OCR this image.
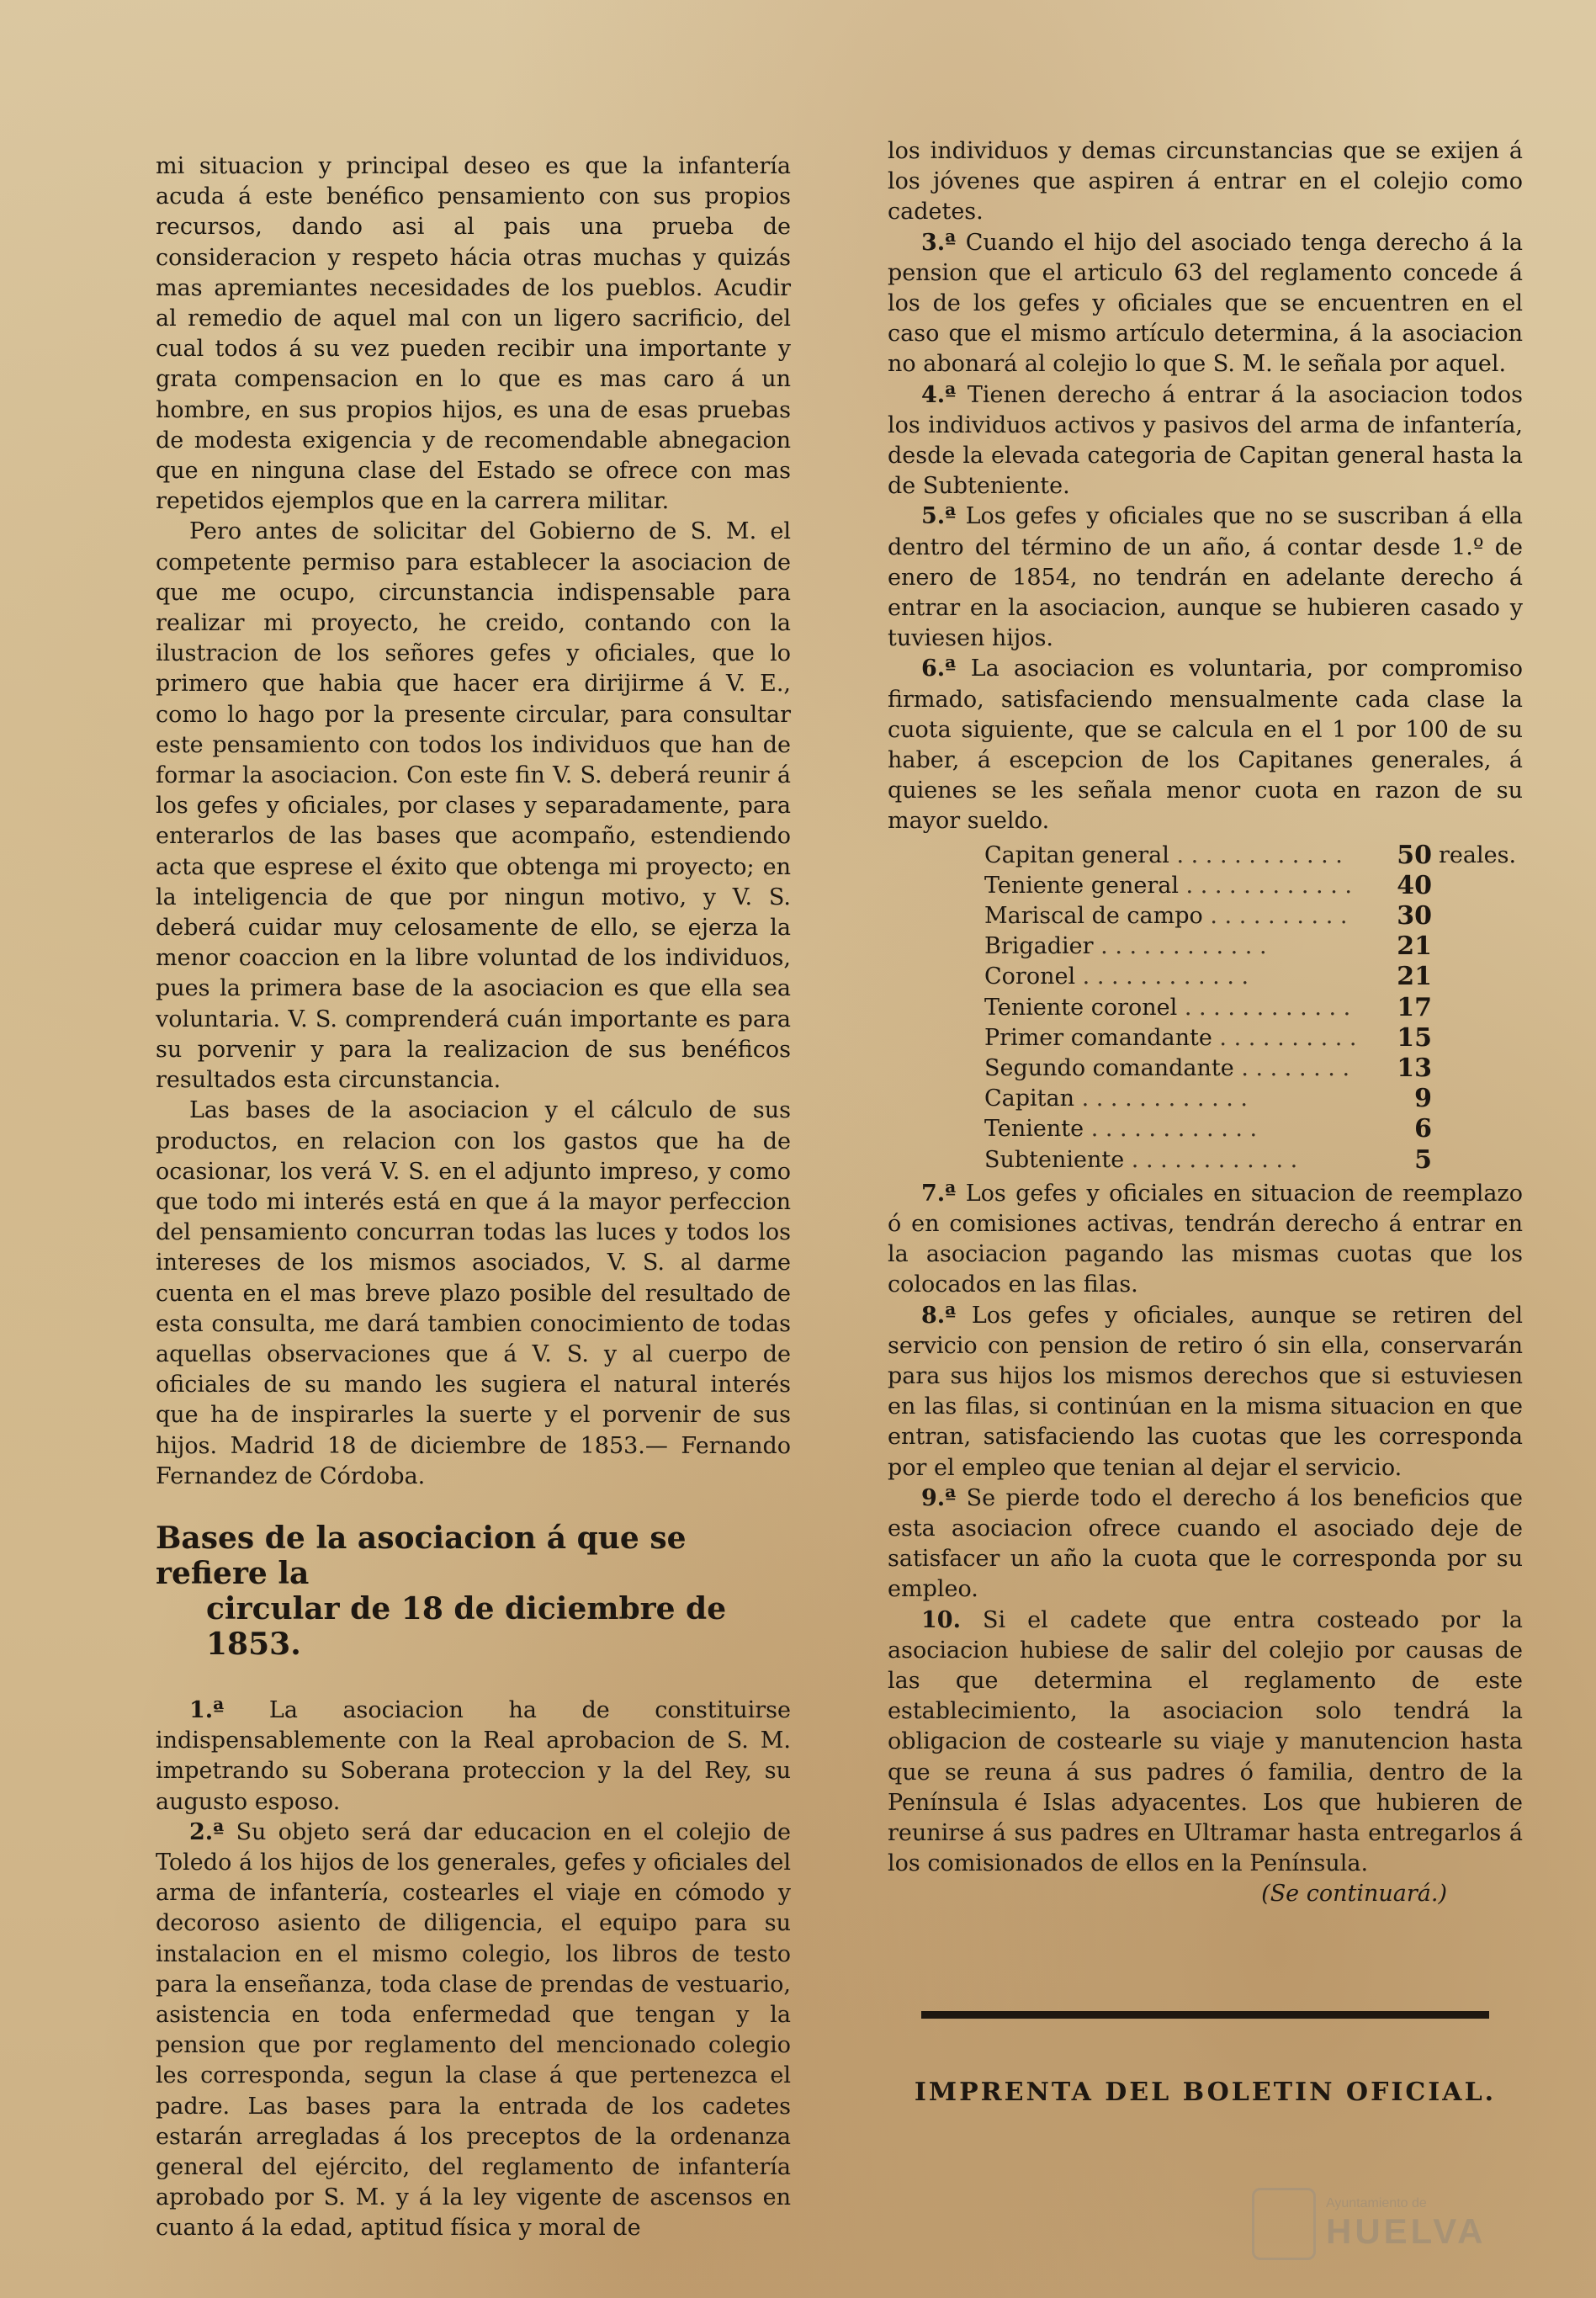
mi situacion y principal deseo es que la infantería acuda á este benéfico pensamiento con sus propios recursos, dando asi al pais una prueba de consideracion y respeto hácia otras muchas y quizás mas apremiantes necesidades de los pueblos. Acudir al remedio de aquel mal con un ligero sacrificio, del cual todos á su vez pueden recibir una importante y grata compensacion en lo que es mas caro á un hombre, en sus propios hijos, es una de esas pruebas de modesta exigencia y de recomendable abnegacion que en ninguna clase del Estado se ofrece con mas repetidos ejemplos que en la carrera militar.

Pero antes de solicitar del Gobierno de S. M. el competente permiso para establecer la asociacion de que me ocupo, circunstancia indispensable para realizar mi proyecto, he creido, contando con la ilustracion de los señores gefes y oficiales, que lo primero que habia que hacer era dirijirme á V. E., como lo hago por la presente circular, para consultar este pensamiento con todos los individuos que han de formar la asociacion. Con este fin V. S. deberá reunir á los gefes y oficiales, por clases y separadamente, para enterarlos de las bases que acompaño, estendiendo acta que esprese el éxito que obtenga mi proyecto; en la inteligencia de que por ningun motivo, y V. S. deberá cuidar muy celosamente de ello, se ejerza la menor coaccion en la libre voluntad de los individuos, pues la primera base de la asociacion es que ella sea voluntaria. V. S. comprenderá cuán importante es para su porvenir y para la realizacion de sus benéficos resultados esta circunstancia.

Las bases de la asociacion y el cálculo de sus productos, en relacion con los gastos que ha de ocasionar, los verá V. S. en el adjunto impreso, y como que todo mi interés está en que á la mayor perfeccion del pensamiento concurran todas las luces y todos los intereses de los mismos asociados, V. S. al darme cuenta en el mas breve plazo posible del resultado de esta consulta, me dará tambien conocimiento de todas aquellas observaciones que á V. S. y al cuerpo de oficiales de su mando les sugiera el natural interés que ha de inspirarles la suerte y el porvenir de sus hijos. Madrid 18 de diciembre de 1853.— Fernando Fernandez de Córdoba.

Bases de la asociacion á que se refiere la
circular de 18 de diciembre de 1853.

1.ª La asociacion ha de constituirse indispensablemente con la Real aprobacion de S. M. impetrando su Soberana proteccion y la del Rey, su augusto esposo.

2.ª Su objeto será dar educacion en el colejio de Toledo á los hijos de los generales, gefes y oficiales del arma de infantería, costearles el viaje en cómodo y decoroso asiento de diligencia, el equipo para su instalacion en el mismo colegio, los libros de testo para la enseñanza, toda clase de prendas de vestuario, asistencia en toda enfermedad que tengan y la pension que por reglamento del mencionado colegio les corresponda, segun la clase á que pertenezca el padre. Las bases para la entrada de los cadetes estarán arregladas á los preceptos de la ordenanza general del ejército, del reglamento de infantería aprobado por S. M. y á la ley vigente de ascensos en cuanto á la edad, aptitud física y moral de

los individuos y demas circunstancias que se exijen á los jóvenes que aspiren á entrar en el colejio como cadetes.

3.ª Cuando el hijo del asociado tenga derecho á la pension que el articulo 63 del reglamento concede á los de los gefes y oficiales que se encuentren en el caso que el mismo artículo determina, á la asociacion no abonará al colejio lo que S. M. le señala por aquel.

4.ª Tienen derecho á entrar á la asociacion todos los individuos activos y pasivos del arma de infantería, desde la elevada categoria de Capitan general hasta la de Subteniente.

5.ª Los gefes y oficiales que no se suscriban á ella dentro del término de un año, á contar desde 1.º de enero de 1854, no tendrán en adelante derecho á entrar en la asociacion, aunque se hubieren casado y tuviesen hijos.

6.ª La asociacion es voluntaria, por compromiso firmado, satisfaciendo mensualmente cada clase la cuota siguiente, que se calcula en el 1 por 100 de su haber, á escepcion de los Capitanes generales, á quienes se les señala menor cuota en razon de su mayor sueldo.

Capitan general . .	50 reales.
Teniente general . .	40
Mariscal de campo . .	30
Brigadier . .	21
Coronel . .	21
Teniente coronel . .	17
Primer comandante . .	15
Segundo comandante . .	13
Capitan . .	9
Teniente . .	6
Subteniente . .	5

7.ª Los gefes y oficiales en situacion de reemplazo ó en comisiones activas, tendrán derecho á entrar en la asociacion pagando las mismas cuotas que los colocados en las filas.

8.ª Los gefes y oficiales, aunque se retiren del servicio con pension de retiro ó sin ella, conservarán para sus hijos los mismos derechos que si estuviesen en las filas, si continúan en la misma situacion en que entran, satisfaciendo las cuotas que les corresponda por el empleo que tenian al dejar el servicio.

9.ª Se pierde todo el derecho á los beneficios que esta asociacion ofrece cuando el asociado deje de satisfacer un año la cuota que le corresponda por su empleo.

10. Si el cadete que entra costeado por la asociacion hubiese de salir del colejio por causas de las que determina el reglamento de este establecimiento, la asociacion solo tendrá la obligacion de costearle su viaje y manutencion hasta que se reuna á sus padres ó familia, dentro de la Península é Islas adyacentes. Los que hubieren de reunirse á sus padres en Ultramar hasta entregarlos á los comisionados de ellos en la Península.

(Se continuará.)

IMPRENTA DEL BOLETIN OFICIAL.
Ayuntamiento de
HUELVA
